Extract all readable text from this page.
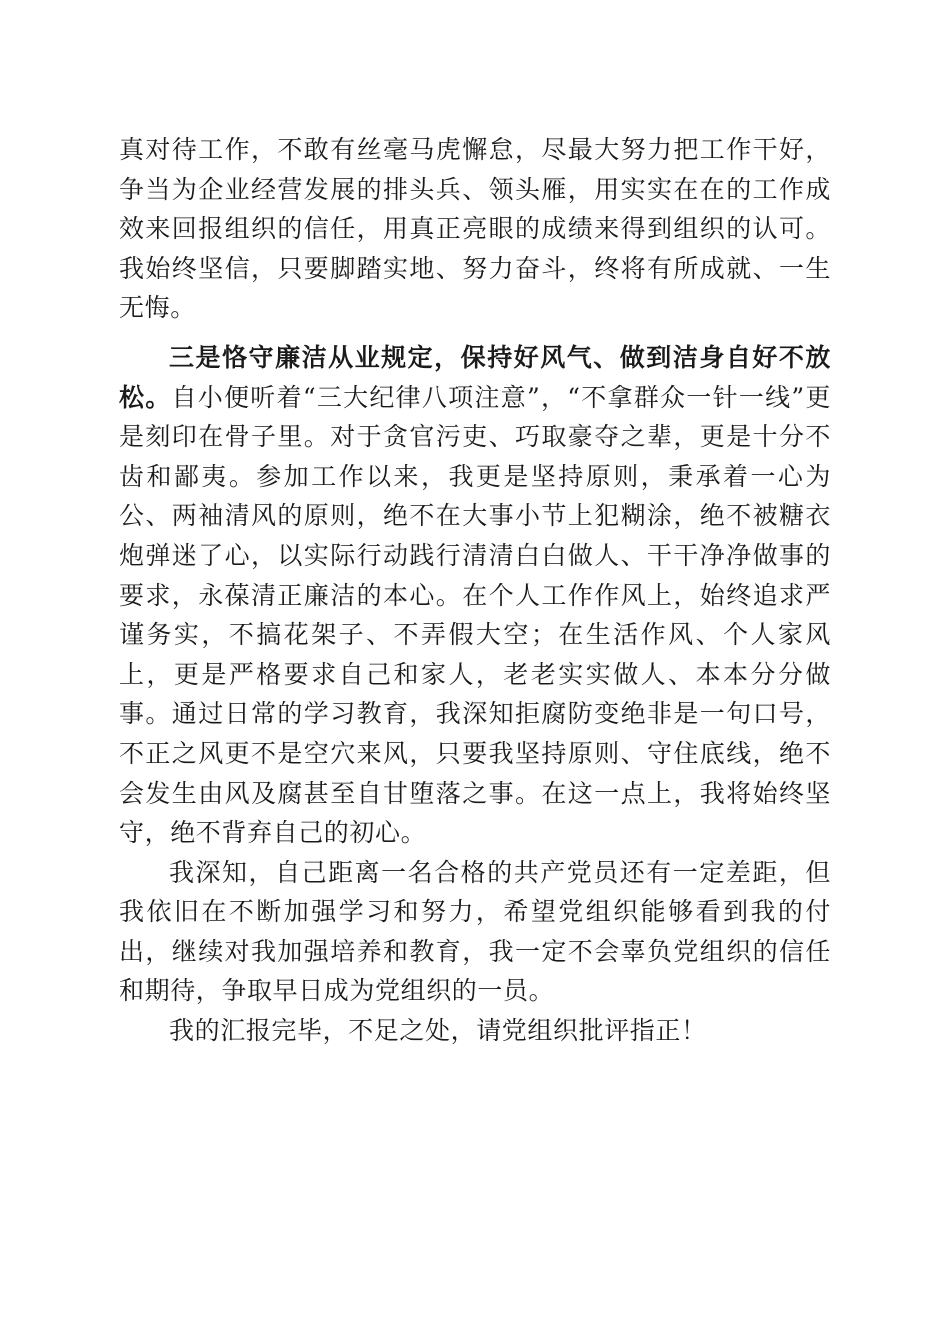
真对待工作，不敢有丝毫马虎懈怠，尽最大努力把工作干好，争当为企业经营发展的排头兵、领头雁，用实实在在的工作成效来回报组织的信任，用真正亮眼的成绩来得到组织的认可。我始终坚信，只要脚踏实地、努力奋斗，终将有所成就、一生无悔。

三是恪守廉洁从业规定，保持好风气、做到洁身自好不放松。自小便听着“三大纪律八项注意”，“不拿群众一针一线”更是刻印在骨子里。对于贪官污吏、巧取豪夺之辈，更是十分不齿和鄙夷。参加工作以来，我更是坚持原则，秉承着一心为公、两袖清风的原则，绝不在大事小节上犯糊涂，绝不被糖衣炮弹迷了心，以实际行动践行清清白白做人、干干净净做事的要求，永葆清正廉洁的本心。在个人工作作风上，始终追求严谨务实，不搞花架子、不弄假大空；在生活作风、个人家风上，更是严格要求自己和家人，老老实实做人、本本分分做事。通过日常的学习教育，我深知拒腐防变绝非是一句口号，不正之风更不是空穴来风，只要我坚持原则、守住底线，绝不会发生由风及腐甚至自甘堕落之事。在这一点上，我将始终坚守，绝不背弃自己的初心。

我深知，自己距离一名合格的共产党员还有一定差距，但我依旧在不断加强学习和努力，希望党组织能够看到我的付出，继续对我加强培养和教育，我一定不会辜负党组织的信任和期待，争取早日成为党组织的一员。

我的汇报完毕，不足之处，请党组织批评指正！
